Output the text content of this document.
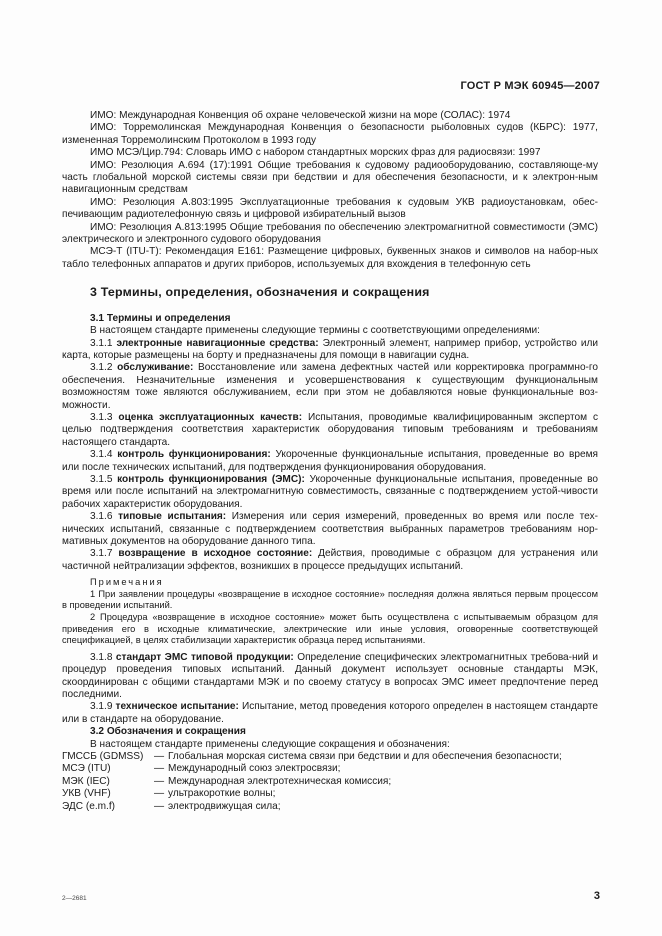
ГОСТ Р МЭК 60945—2007

ИМО: Международная Конвенция об охране человеческой жизни на море (СОЛАС): 1974

ИМО: Торремолинская Международная Конвенция о безопасности рыболовных судов (КБРС): 1977, измененная Торремолинским Протоколом в 1993 году

ИМО МСЭ/Цир.794: Словарь ИМО с набором стандартных морских фраз для радиосвязи: 1997

ИМО: Резолюция А.694 (17):1991 Общие требования к судовому радиооборудованию, составляюще-му часть глобальной морской системы связи при бедствии и для обеспечения безопасности, и к электрон-ным навигационным средствам

ИМО: Резолюция А.803:1995 Эксплуатационные требования к судовым УКВ радиоустановкам, обес-печивающим радиотелефонную связь и цифровой избирательный вызов

ИМО: Резолюция А.813:1995 Общие требования по обеспечению электромагнитной совместимости (ЭМС) электрического и электронного судового оборудования

МСЭ-Т (ITU-T): Рекомендация Е161: Размещение цифровых, буквенных знаков и символов на набор-ных табло телефонных аппаратов и других приборов, используемых для вхождения в телефонную сеть

3 Термины, определения, обозначения и сокращения

3.1 Термины и определения

В настоящем стандарте применены следующие термины с соответствующими определениями:

3.1.1 электронные навигационные средства: Электронный элемент, например прибор, устройство или карта, которые размещены на борту и предназначены для помощи в навигации судна.

3.1.2 обслуживание: Восстановление или замена дефектных частей или корректировка программно-го обеспечения. Незначительные изменения и усовершенствования к существующим функциональным возможностям тоже являются обслуживанием, если при этом не добавляются новые функциональные воз-можности.

3.1.3 оценка эксплуатационных качеств: Испытания, проводимые квалифицированным экспертом с целью подтверждения соответствия характеристик оборудования типовым требованиям и требованиям настоящего стандарта.

3.1.4 контроль функционирования: Укороченные функциональные испытания, проведенные во время или после технических испытаний, для подтверждения функционирования оборудования.

3.1.5 контроль функционирования (ЭМС): Укороченные функциональные испытания, проведенные во время или после испытаний на электромагнитную совместимость, связанные с подтверждением устой-чивости рабочих характеристик оборудования.

3.1.6 типовые испытания: Измерения или серия измерений, проведенных во время или после тех-нических испытаний, связанные с подтверждением соответствия выбранных параметров требованиям нор-мативных документов на оборудование данного типа.

3.1.7 возвращение в исходное состояние: Действия, проводимые с образцом для устранения или частичной нейтрализации эффектов, возникших в процессе предыдущих испытаний.

Примечания

1 При заявлении процедуры «возвращение в исходное состояние» последняя должна являться первым процессом в проведении испытаний.

2 Процедура «возвращение в исходное состояние» может быть осуществлена с испытываемым образцом для приведения его в исходные климатические, электрические или иные условия, оговоренные соответствующей спецификацией, в целях стабилизации характеристик образца перед испытаниями.

3.1.8 стандарт ЭМС типовой продукции: Определение специфических электромагнитных требова-ний и процедур проведения типовых испытаний. Данный документ использует основные стандарты МЭК, скоординирован с общими стандартами МЭК и по своему статусу в вопросах ЭМС имеет предпочтение перед последними.

3.1.9 техническое испытание: Испытание, метод проведения которого определен в настоящем стандарте или в стандарте на оборудование.

3.2 Обозначения и сокращения

В настоящем стандарте применены следующие сокращения и обозначения:

ГМССБ (GDMSS)	— Глобальная морская система связи при бедствии и для обеспечения безопасности;
МСЭ (ITU)	— Международный союз электросвязи;
МЭК (IEC)	— Международная электротехническая комиссия;
УКВ (VHF)	— ультракороткие волны;
ЭДС (e.m.f)	— электродвижущая сила;
2—2681	3
